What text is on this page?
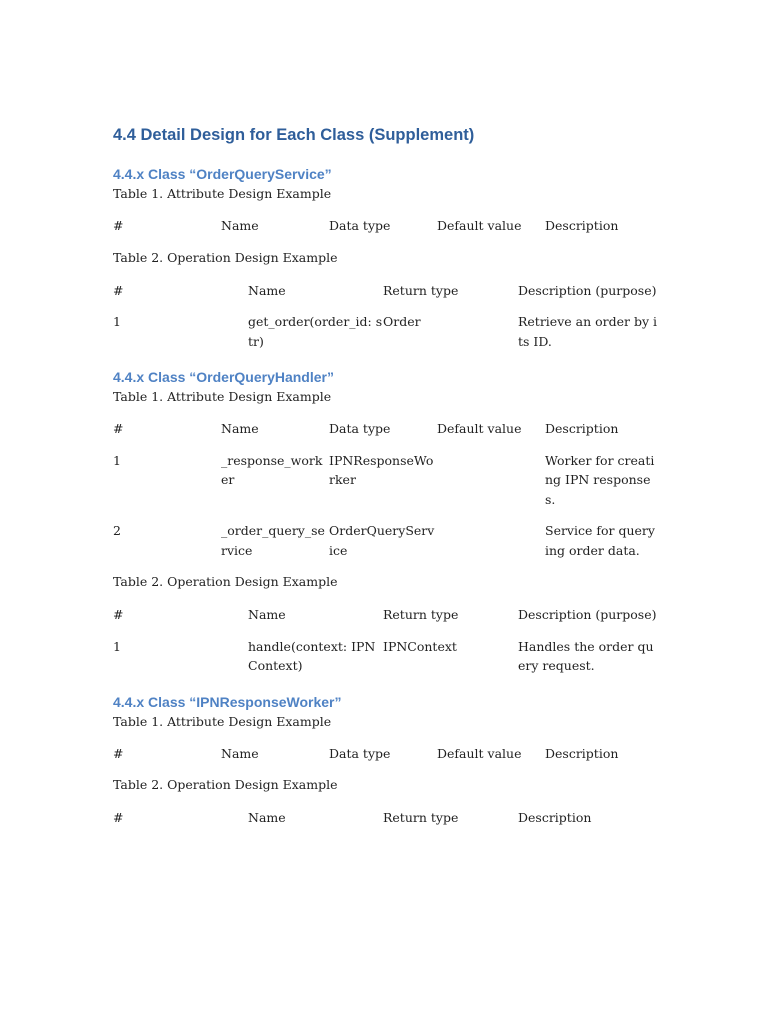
4.4 Detail Design for Each Class (Supplement)
4.4.x Class “OrderQueryService”

Table 1. Attribute Design Example

#	Name	Data type	Default value	Description

Table 2. Operation Design Example

#	Name	Return type	Description (purpose)

1	get_order(order_id: str)	Order	Retrieve an order by its ID.
4.4.x Class “OrderQueryHandler”

Table 1. Attribute Design Example

#	Name	Data type	Default value	Description

1	_response_worker	IPNResponseWorker		Worker for creating IPN responses.

2	_order_query_service	OrderQueryService		Service for querying order data.

Table 2. Operation Design Example

#	Name	Return type	Description (purpose)

1	handle(context: IPNContext)	IPNContext	Handles the order query request.
4.4.x Class “IPNResponseWorker”

Table 1. Attribute Design Example

#	Name	Data type	Default value	Description

Table 2. Operation Design Example

#	Name	Return type	Description
